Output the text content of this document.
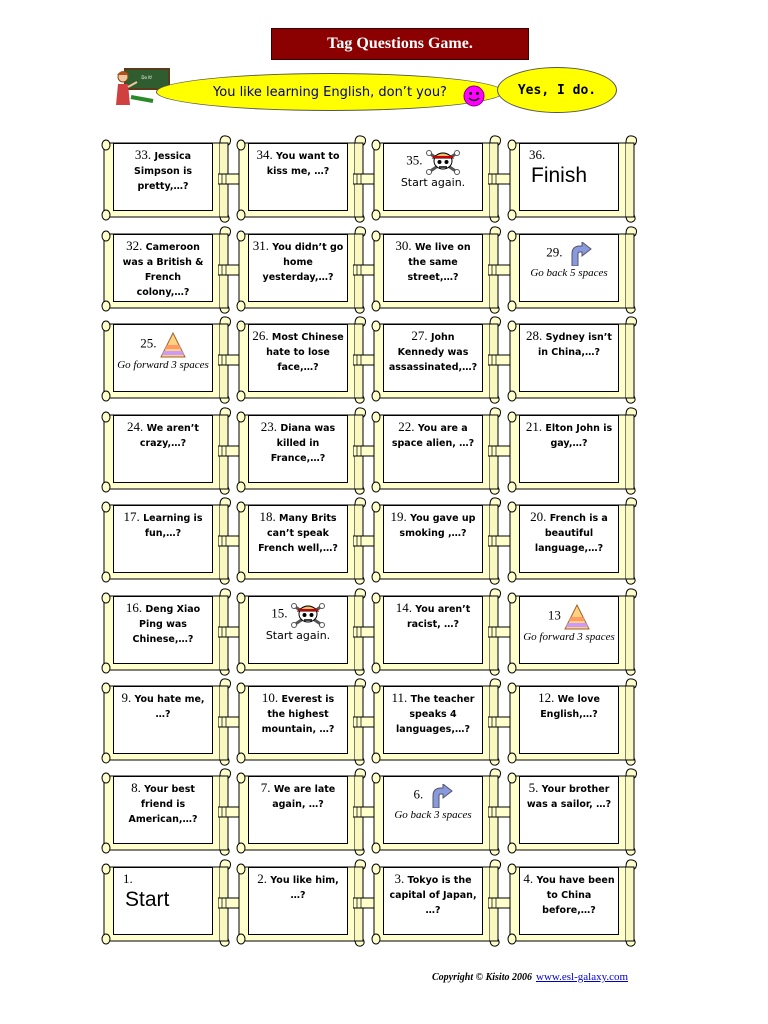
Tag Questions Game.
Do It!
You like learning English, don’t you?	Yes, I do.
33. Jessica Simpson is pretty,…?
34. You want to kiss me, …?
35.
Start again.
36.
Finish
32. Cameroon was a British & French colony,…?
31. You didn’t go home yesterday,…?
30. We live on the same street,…?
29.
Go back 5 spaces
25.
Go forward 3 spaces
26. Most Chinese hate to lose face,…?
27. John Kennedy was assassinated,…?
28. Sydney isn’t in China,…?
24. We aren’t crazy,…?
23. Diana was killed in France,…?
22. You are a space alien, …?
21. Elton John is gay,…?
17. Learning is fun,…?
18. Many Brits can’t speak French well,…?
19. You gave up smoking ,…?
20. French is a beautiful language,…?
16. Deng Xiao Ping was Chinese,…?
15.
Start again.
14. You aren’t racist, …?
13
Go forward 3 spaces
9. You hate me, …?
10. Everest is the highest mountain, …?
11. The teacher speaks 4 languages,…?
12. We love English,…?
8. Your best friend is American,…?
7. We are late again, …?
6.
Go back 3 spaces
5. Your brother was a sailor, …?
1.
Start
2. You like him, …?
3. Tokyo is the capital of Japan, …?
4. You have been to China before,…?
Copyright © Kisito 2006 www.esl-galaxy.com
